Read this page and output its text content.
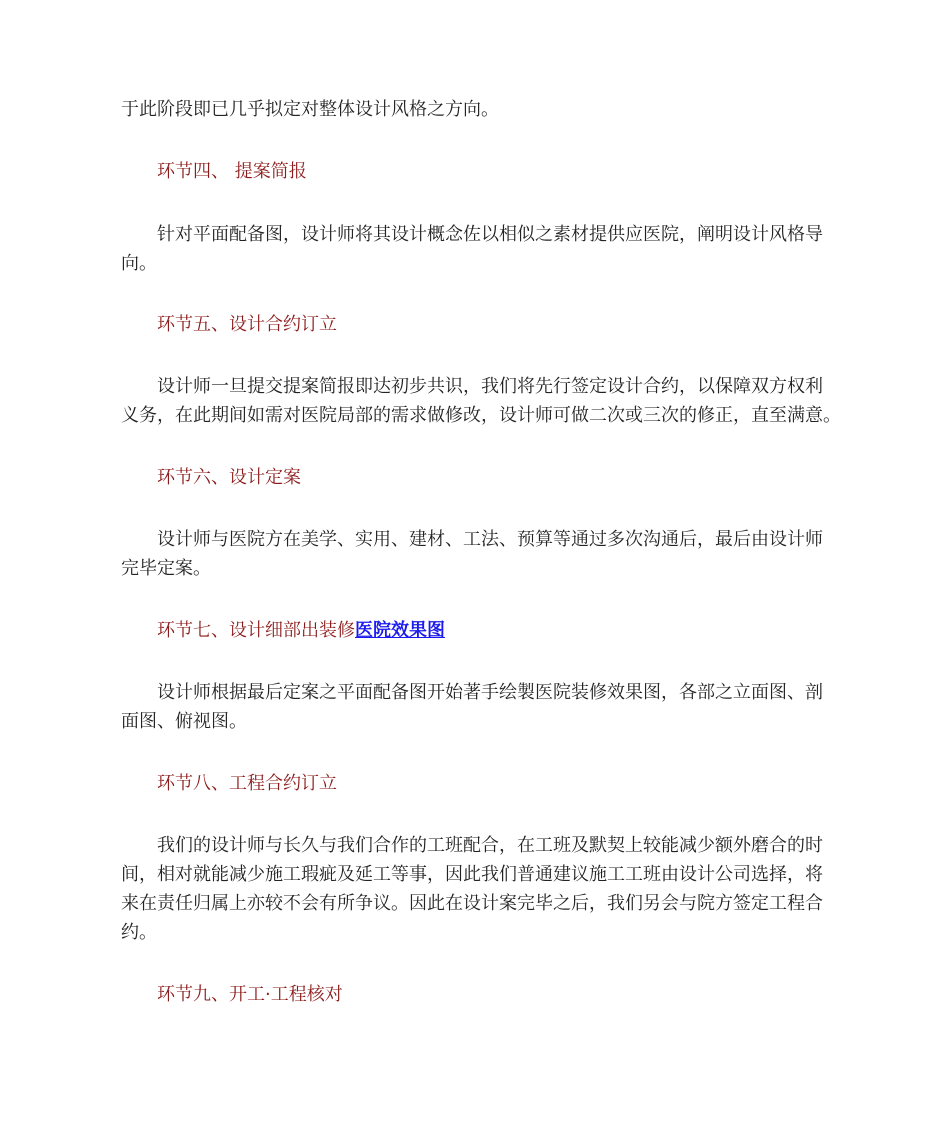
于此阶段即已几乎拟定对整体设计风格之方向。
环节四、 提案简报
针对平面配备图，设计师将其设计概念佐以相似之素材提供应医院，阐明设计风格导
向。
环节五、设计合约订立
设计师一旦提交提案简报即达初步共识，我们将先行签定设计合约，以保障双方权利
义务，在此期间如需对医院局部的需求做修改，设计师可做二次或三次的修正，直至满意。
环节六、设计定案
设计师与医院方在美学、实用、建材、工法、预算等通过多次沟通后，最后由设计师
完毕定案。
环节七、设计细部出装修医院效果图
设计师根据最后定案之平面配备图开始著手绘製医院装修效果图，各部之立面图、剖
面图、俯视图。
环节八、工程合约订立
我们的设计师与长久与我们合作的工班配合，在工班及默契上较能减少额外磨合的时
间，相对就能减少施工瑕疵及延工等事，因此我们普通建议施工工班由设计公司选择，将
来在责任归属上亦较不会有所争议。因此在设计案完毕之后，我们另会与院方签定工程合
约。
环节九、开工·工程核对
